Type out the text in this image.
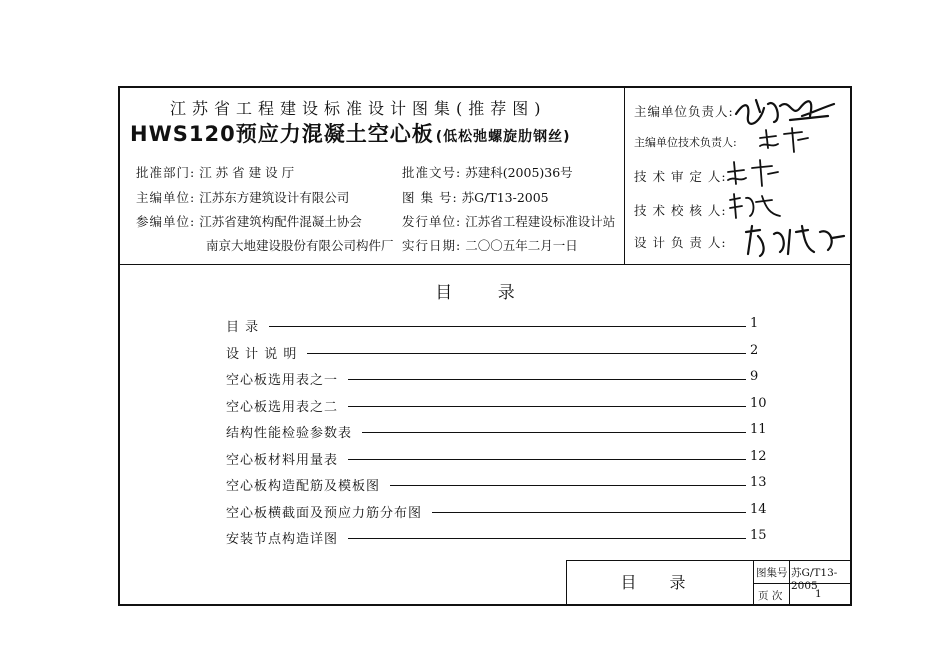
江苏省工程建设标准设计图集(推荐图)
HWS120预应力混凝土空心板 (低松弛螺旋肋钢丝)
批准部门: 江 苏 省 建 设 厅
主编单位: 江苏东方建筑设计有限公司
参编单位: 江苏省建筑构配件混凝土协会
南京大地建设股份有限公司构件厂
批准文号: 苏建科(2005)36号
图 集 号: 苏G/T13-2005
发行单位: 江苏省工程建设标准设计站
实行日期: 二〇〇五年二月一日
主编单位负责人:
主编单位技术负责人:
技 术 审 定 人:
技 术 校 核 人:
设 计 负 责 人:
目 录
目 录	图集号 苏G/T13-2005
页 次	1
目 录	1
设 计 说 明	2
空心板选用表之一	9
空心板选用表之二	10
结构性能检验参数表	11
空心板材料用量表	12
空心板构造配筋及模板图	13
空心板横截面及预应力筋分布图	14
安装节点构造详图	15
